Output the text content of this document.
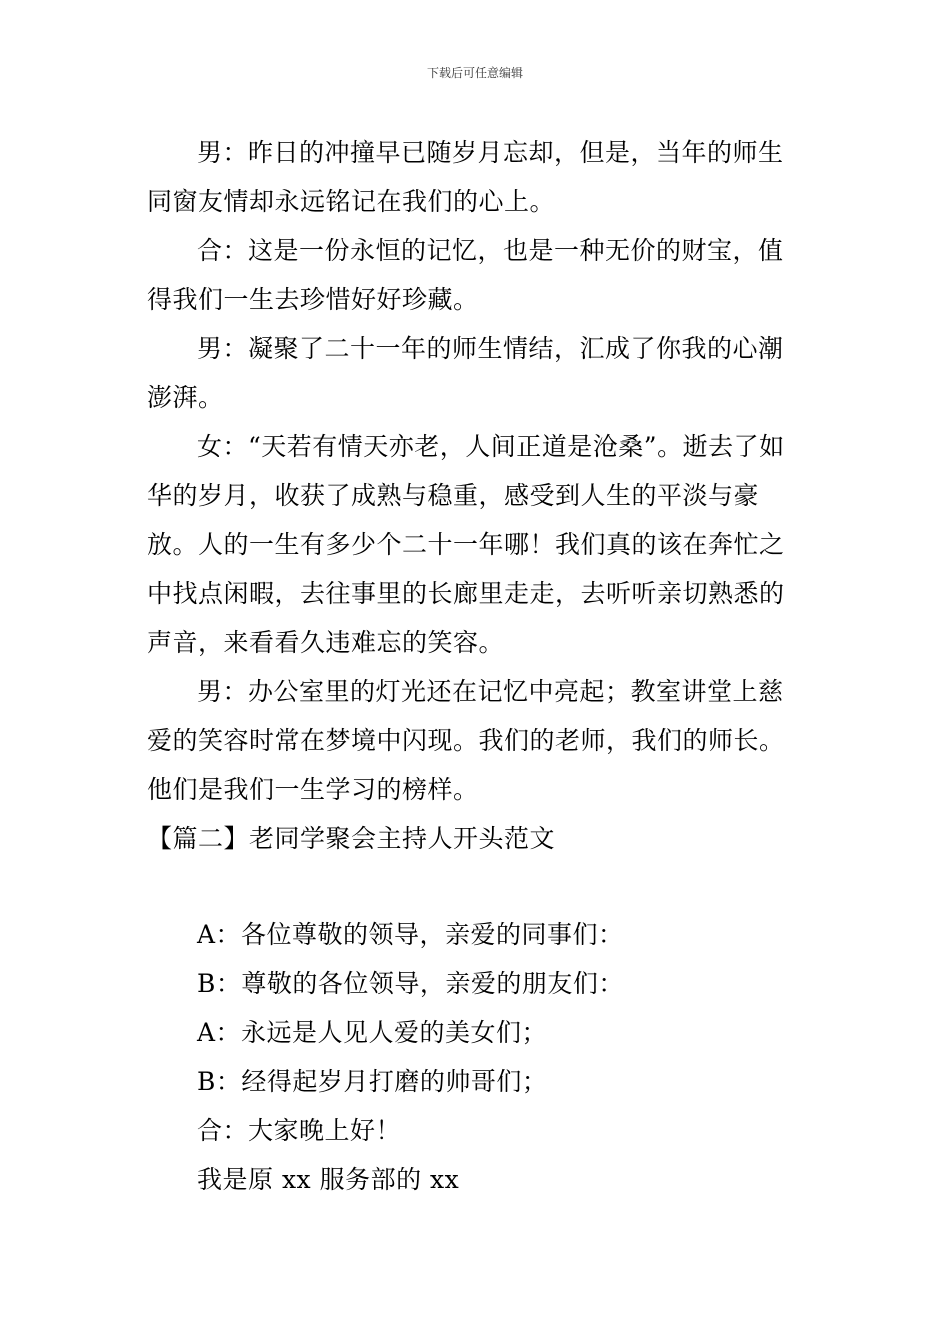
下载后可任意编辑

男：昨日的冲撞早已随岁月忘却，但是，当年的师生同窗友情却永远铭记在我们的心上。

合：这是一份永恒的记忆，也是一种无价的财宝，值得我们一生去珍惜好好珍藏。

男：凝聚了二十一年的师生情结，汇成了你我的心潮澎湃。

女：“天若有情天亦老，人间正道是沧桑”。逝去了如华的岁月，收获了成熟与稳重，感受到人生的平淡与豪放。人的一生有多少个二十一年哪！我们真的该在奔忙之中找点闲暇，去往事里的长廊里走走，去听听亲切熟悉的声音，来看看久违难忘的笑容。

男：办公室里的灯光还在记忆中亮起；教室讲堂上慈爱的笑容时常在梦境中闪现。我们的老师，我们的师长。他们是我们一生学习的榜样。

【篇二】老同学聚会主持人开头范文

A：各位尊敬的领导，亲爱的同事们：

B：尊敬的各位领导，亲爱的朋友们：

A：永远是人见人爱的美女们；

B：经得起岁月打磨的帅哥们；

合：大家晚上好！

我是原 xx 服务部的 xx
